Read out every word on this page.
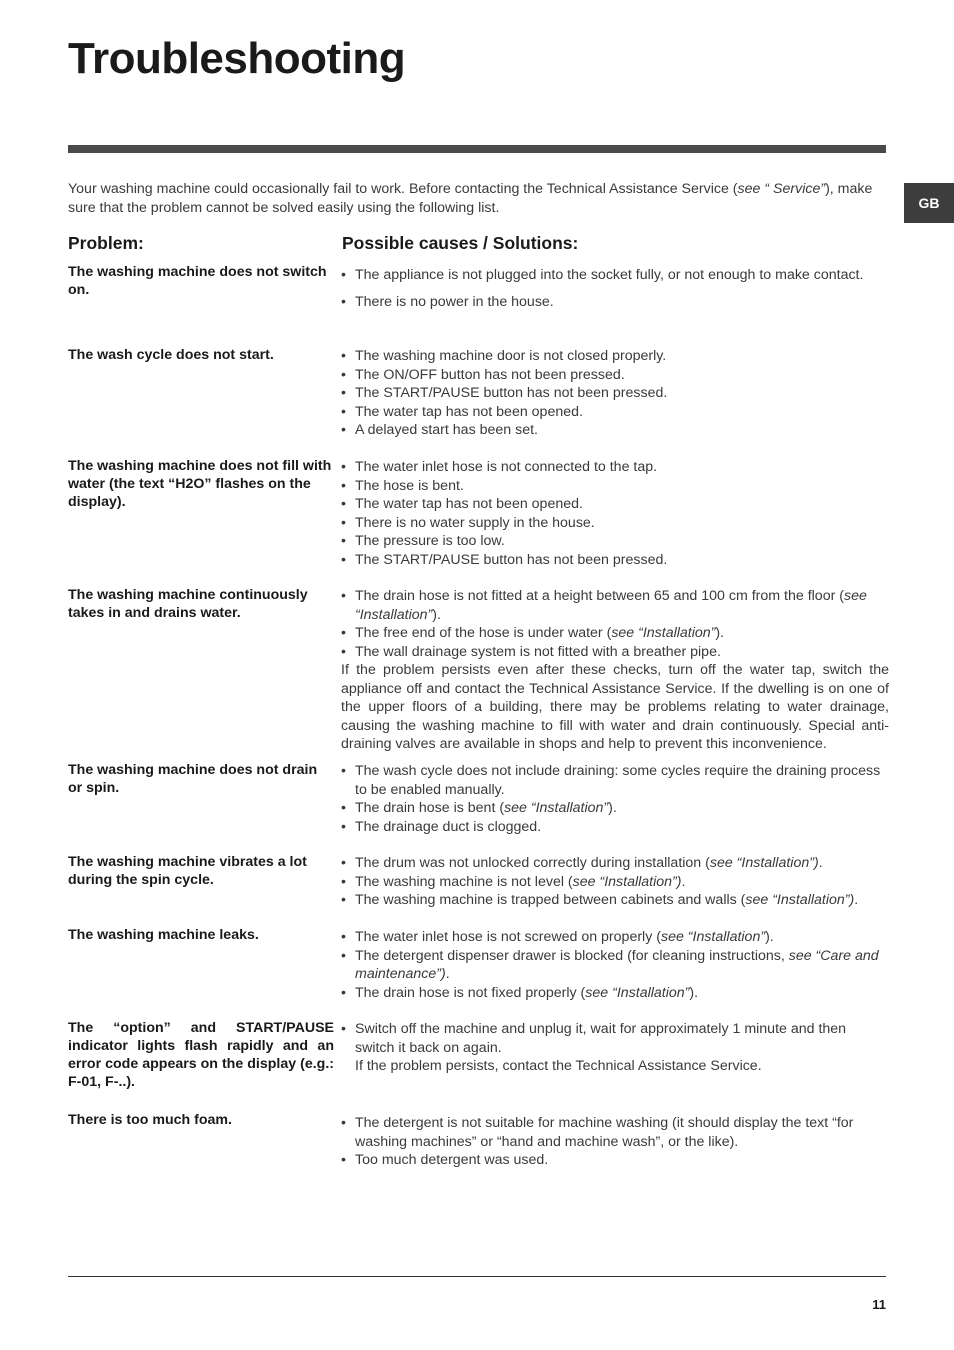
Troubleshooting
GB
Your washing machine could occasionally fail to work. Before contacting the Technical Assistance Service (see “ Service”), make sure that the problem cannot be solved easily using the following list.
Problem:	Possible causes / Solutions:
The washing machine does not switch on.
• The appliance is not plugged into the socket fully, or not enough to make contact.
• There is no power in the house.
The wash cycle does not start.	• The washing machine door is not closed properly.
• The ON/OFF button has not been pressed.
• The START/PAUSE button has not been pressed.
• The water tap has not been opened.
• A delayed start has been set.
The washing machine does not fill with water (the text “H2O” flashes on the display).
• The water inlet hose is not connected to the tap.
• The hose is bent.
• The water tap has not been opened.
• There is no water supply in the house.
• The pressure is too low.
• The START/PAUSE button has not been pressed.
The washing machine continuously takes in and drains water.
• The drain hose is not fitted at a height between 65 and 100 cm from the floor (see “Installation”).
• The free end of the hose is under water (see “Installation”).
• The wall drainage system is not fitted with a breather pipe.

If the problem persists even after these checks, turn off the water tap, switch the appliance off and contact the Technical Assistance Service. If the dwelling is on one of the upper floors of a building, there may be problems relating to water drainage, causing the washing machine to fill with water and drain continuously. Special anti-draining valves are available in shops and help to prevent this inconvenience.

The washing machine does not drain or spin.
• The wash cycle does not include draining: some cycles require the draining process to be enabled manually.
• The drain hose is bent (see “Installation”).
• The drainage duct is clogged.
The washing machine vibrates a lot during the spin cycle.
• The drum was not unlocked correctly during installation (see “Installation”).
• The washing machine is not level (see “Installation”).
• The washing machine is trapped between cabinets and walls (see “Installation”).
The washing machine leaks.	• The water inlet hose is not screwed on properly (see “Installation”).
• The detergent dispenser drawer is blocked (for cleaning instructions, see “Care and maintenance”).
• The drain hose is not fixed properly (see “Installation”).
The “option” and START/PAUSE indicator lights flash rapidly and an error code appears on the display (e.g.: F-01, F-..).
• Switch off the machine and unplug it, wait for approximately 1 minute and then switch it back on again.

If the problem persists, contact the Technical Assistance Service.

There is too much foam.	• The detergent is not suitable for machine washing (it should display the text “for washing machines” or “hand and machine wash”, or the like).
• Too much detergent was used.
11
